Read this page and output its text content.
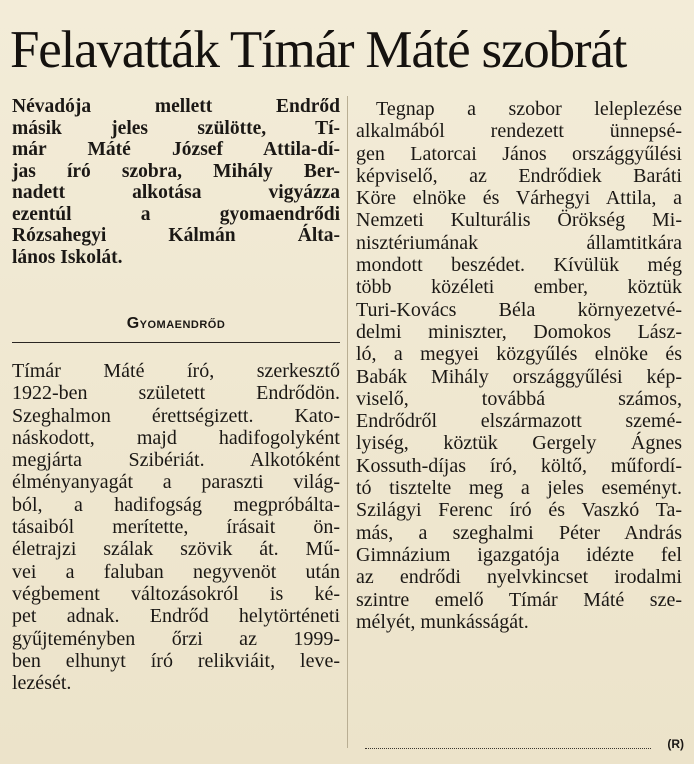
Felavatták Tímár Máté szobrát
Névadója mellett Endrőd
másik jeles szülötte, Tí-
már Máté József Attila-dí-
jas író szobra, Mihály Ber-
nadett alkotása vigyázza
ezentúl a gyomaendrődi
Rózsahegyi Kálmán Álta-
lános Iskolát.
Gyomaendrőd
Tímár Máté író, szerkesztő
1922-ben született Endrődön.
Szeghalmon érettségizett. Kato-
náskodott, majd hadifogolyként
megjárta Szibériát. Alkotóként
élményanyagát a paraszti világ-
ból, a hadifogság megpróbálta-
tásaiból merítette, írásait ön-
életrajzi szálak szövik át. Mű-
vei a faluban negyvenöt után
végbement változásokról is ké-
pet adnak. Endrőd helytörténeti
gyűjteményben őrzi az 1999-
ben elhunyt író relikviáit, leve-
lezését.
Tegnap a szobor leleplezése
alkalmából rendezett ünnepsé-
gen Latorcai János országgyűlési
képviselő, az Endrődiek Baráti
Köre elnöke és Várhegyi Attila, a
Nemzeti Kulturális Örökség Mi-
nisztériumának államtitkára
mondott beszédet. Kívülük még
több közéleti ember, köztük
Turi-Kovács Béla környezetvé-
delmi miniszter, Domokos Lász-
ló, a megyei közgyűlés elnöke és
Babák Mihály országgyűlési kép-
viselő, továbbá számos,
Endrődről elszármazott szemé-
lyiség, köztük Gergely Ágnes
Kossuth-díjas író, költő, műfordí-
tó tisztelte meg a jeles eseményt.
Szilágyi Ferenc író és Vaszkó Ta-
más, a szeghalmi Péter András
Gimnázium igazgatója idézte fel
az endrődi nyelvkincset irodalmi
szintre emelő Tímár Máté sze-
mélyét, munkásságát.
(R)
